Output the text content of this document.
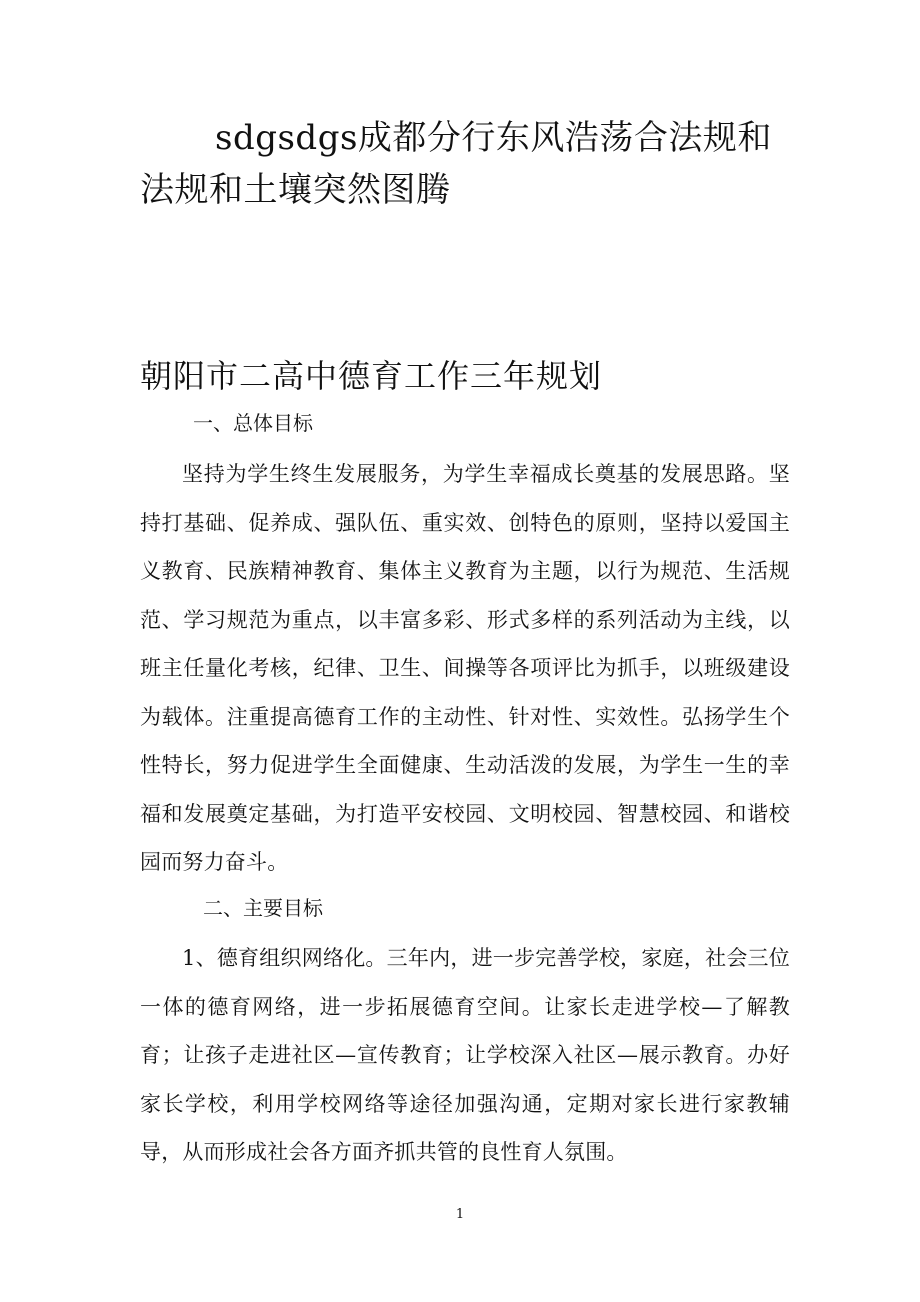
sdgsdgs成都分行东风浩荡合法规和法规和土壤突然图腾
朝阳市二高中德育工作三年规划
一、总体目标
坚持为学生终生发展服务，为学生幸福成长奠基的发展思路。坚持打基础、促养成、强队伍、重实效、创特色的原则，坚持以爱国主义教育、民族精神教育、集体主义教育为主题，以行为规范、生活规范、学习规范为重点，以丰富多彩、形式多样的系列活动为主线，以班主任量化考核，纪律、卫生、间操等各项评比为抓手，以班级建设为载体。注重提高德育工作的主动性、针对性、实效性。弘扬学生个性特长，努力促进学生全面健康、生动活泼的发展，为学生一生的幸福和发展奠定基础，为打造平安校园、文明校园、智慧校园、和谐校园而努力奋斗。
二、主要目标
1、德育组织网络化。三年内，进一步完善学校，家庭，社会三位一体的德育网络，进一步拓展德育空间。让家长走进学校—了解教育；让孩子走进社区—宣传教育；让学校深入社区—展示教育。办好家长学校，利用学校网络等途径加强沟通，定期对家长进行家教辅导，从而形成社会各方面齐抓共管的良性育人氛围。
1
